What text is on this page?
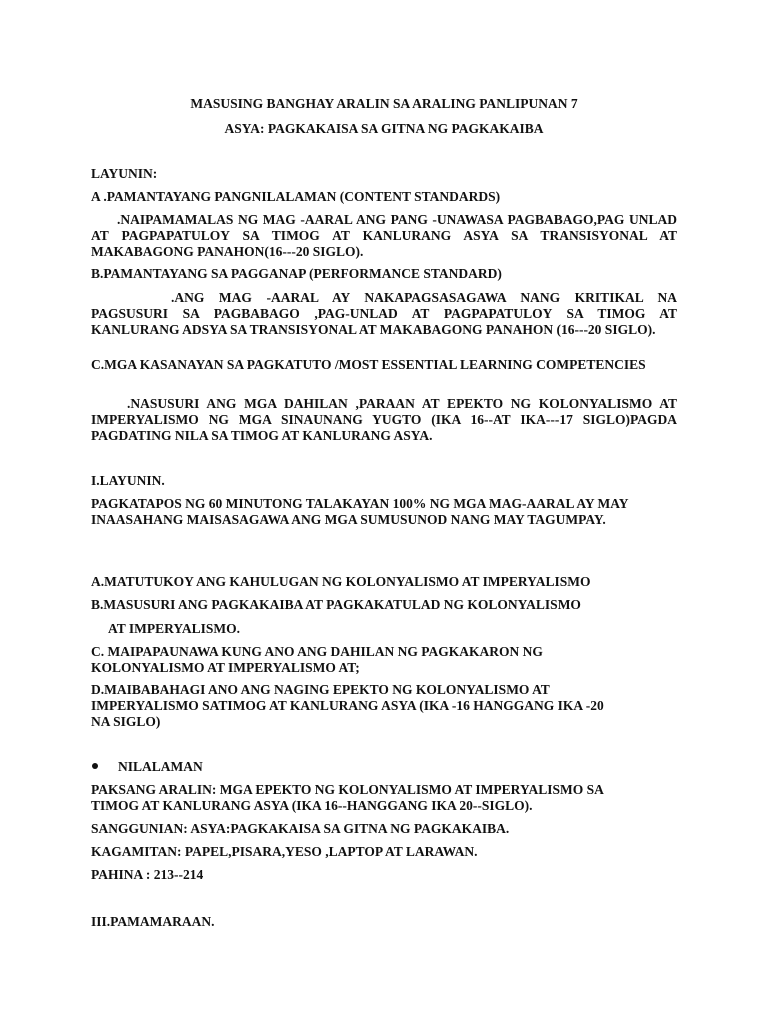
MASUSING BANGHAY ARALIN SA ARALING PANLIPUNAN 7
ASYA: PAGKAKAISA SA GITNA NG PAGKAKAIBA
LAYUNIN:
A .PAMANTAYANG PANGNILALAMAN (CONTENT STANDARDS)
.NAIPAMAMALAS NG MAG -AARAL ANG PANG -UNAWASA PAGBABAGO,PAG UNLAD AT PAGPAPATULOY SA TIMOG AT KANLURANG ASYA SA TRANSISYONAL AT MAKABAGONG PANAHON(16---20 SIGLO).
B.PAMANTAYANG SA PAGGANAP (PERFORMANCE STANDARD)
.ANG MAG -AARAL AY NAKAPAGSASAGAWA NANG KRITIKAL NA PAGSUSURI SA PAGBABAGO ,PAG-UNLAD AT PAGPAPATULOY SA TIMOG AT KANLURANG ADSYA SA TRANSISYONAL AT MAKABAGONG PANAHON (16---20 SIGLO).
C.MGA KASANAYAN SA PAGKATUTO /MOST ESSENTIAL LEARNING COMPETENCIES
.NASUSURI ANG MGA DAHILAN ,PARAAN AT EPEKTO NG KOLONYALISMO AT IMPERYALISMO NG MGA SINAUNANG YUGTO (IKA 16--AT IKA---17 SIGLO)PAGDA PAGDATING NILA SA TIMOG AT KANLURANG ASYA.
I.LAYUNIN.
PAGKATAPOS NG 60 MINUTONG TALAKAYAN 100% NG MGA MAG-AARAL AY MAY INAASAHANG MAISASAGAWA ANG MGA SUMUSUNOD NANG MAY TAGUMPAY.
A.MATUTUKOY ANG KAHULUGAN NG KOLONYALISMO AT IMPERYALISMO
B.MASUSURI ANG PAGKAKAIBA AT PAGKAKATULAD NG KOLONYALISMO
AT IMPERYALISMO.
C. MAIPAPAUNAWA KUNG ANO ANG DAHILAN NG PAGKAKARON NG
KOLONYALISMO AT IMPERYALISMO AT;
D.MAIBABAHAGI ANO ANG NAGING EPEKTO NG KOLONYALISMO AT
IMPERYALISMO SATIMOG AT KANLURANG ASYA (IKA -16 HANGGANG IKA -20
NA SIGLO)
NILALAMAN
PAKSANG ARALIN: MGA EPEKTO NG KOLONYALISMO AT IMPERYALISMO SA
TIMOG AT KANLURANG ASYA (IKA 16--HANGGANG IKA 20--SIGLO).
SANGGUNIAN: ASYA:PAGKAKAISA SA GITNA NG PAGKAKAIBA.
KAGAMITAN: PAPEL,PISARA,YESO ,LAPTOP AT LARAWAN.
PAHINA : 213--214
III.PAMAMARAAN.
